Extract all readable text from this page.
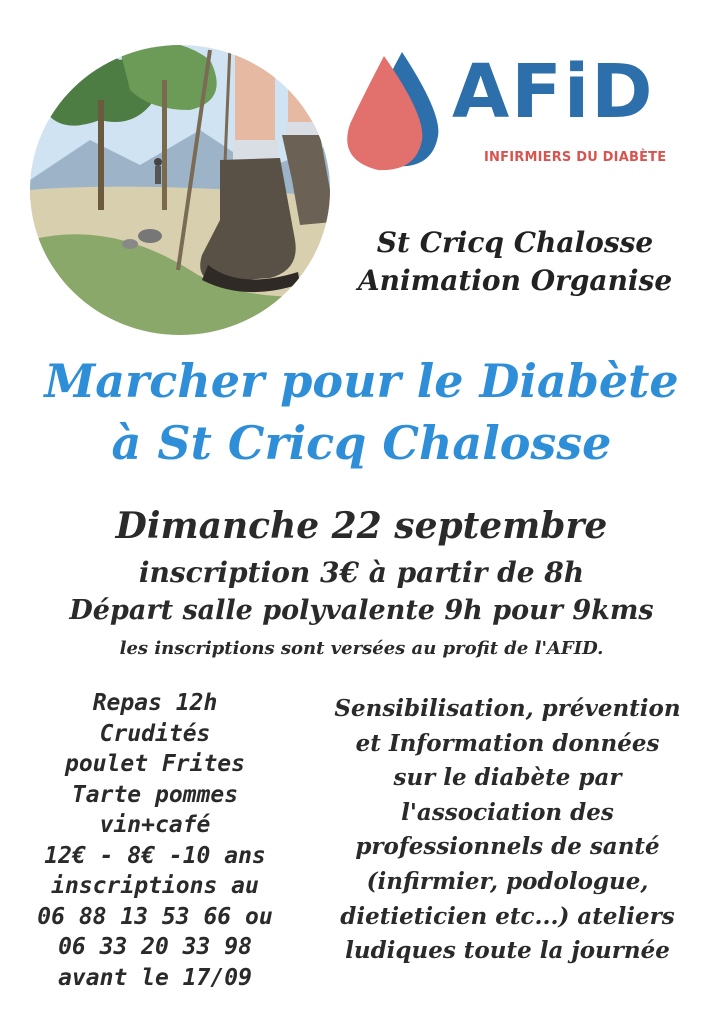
AFiD
INFIRMIERS DU DIABÈTE
St Cricq Chalosse
Animation Organise
Marcher pour le Diabète
à St Cricq Chalosse
Dimanche 22 septembre
inscription 3€ à partir de 8h
Départ salle polyvalente 9h pour 9kms
les inscriptions sont versées au profit de l'AFID.
Repas 12h
Crudités
poulet Frites
Tarte pommes
vin+café
12€ - 8€ -10 ans
inscriptions au
06 88 13 53 66 ou
06 33 20 33 98
avant le 17/09
Sensibilisation, prévention
et Information données
sur le diabète par
l'association des
professionnels de santé
(infirmier, podologue,
dietieticien etc...) ateliers
ludiques toute la journée
